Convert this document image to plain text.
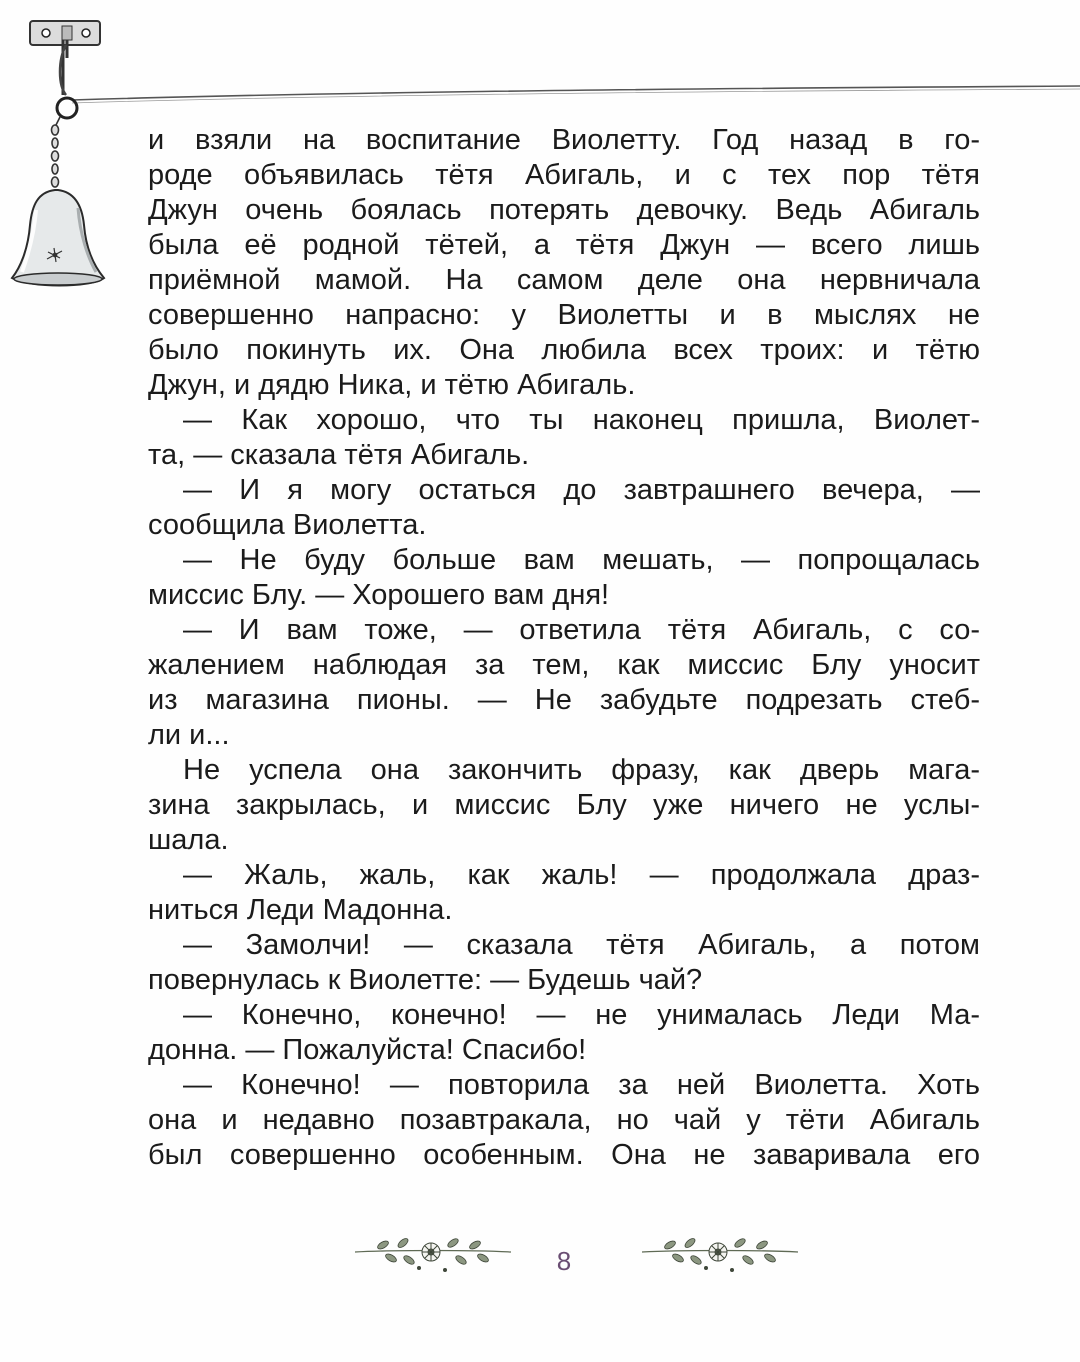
и взяли на воспитание Виолетту. Год назад в го-
роде объявилась тётя Абигаль, и с тех пор тётя
Джун очень боялась потерять девочку. Ведь Абигаль
была её родной тётей, а тётя Джун — всего лишь
приёмной мамой. На самом деле она нервничала
совершенно напрасно: у Виолетты и в мыслях не
было покинуть их. Она любила всех троих: и тётю
Джун, и дядю Ника, и тётю Абигаль.
— Как хорошо, что ты наконец пришла, Виолет-
та, — сказала тётя Абигаль.
— И я могу остаться до завтрашнего вечера, —
сообщила Виолетта.
— Не буду больше вам мешать, — попрощалась
миссис Блу. — Хорошего вам дня!
— И вам тоже, — ответила тётя Абигаль, с со-
жалением наблюдая за тем, как миссис Блу уносит
из магазина пионы. — Не забудьте подрезать стеб-
ли и...
Не успела она закончить фразу, как дверь мага-
зина закрылась, и миссис Блу уже ничего не услы-
шала.
— Жаль, жаль, как жаль! — продолжала драз-
ниться Леди Мадонна.
— Замолчи! — сказала тётя Абигаль, а потом
повернулась к Виолетте: — Будешь чай?
— Конечно, конечно! — не унималась Леди Ма-
донна. — Пожалуйста! Спасибо!
— Конечно! — повторила за ней Виолетта. Хоть
она и недавно позавтракала, но чай у тёти Абигаль
был совершенно особенным. Она не заваривала его
8
